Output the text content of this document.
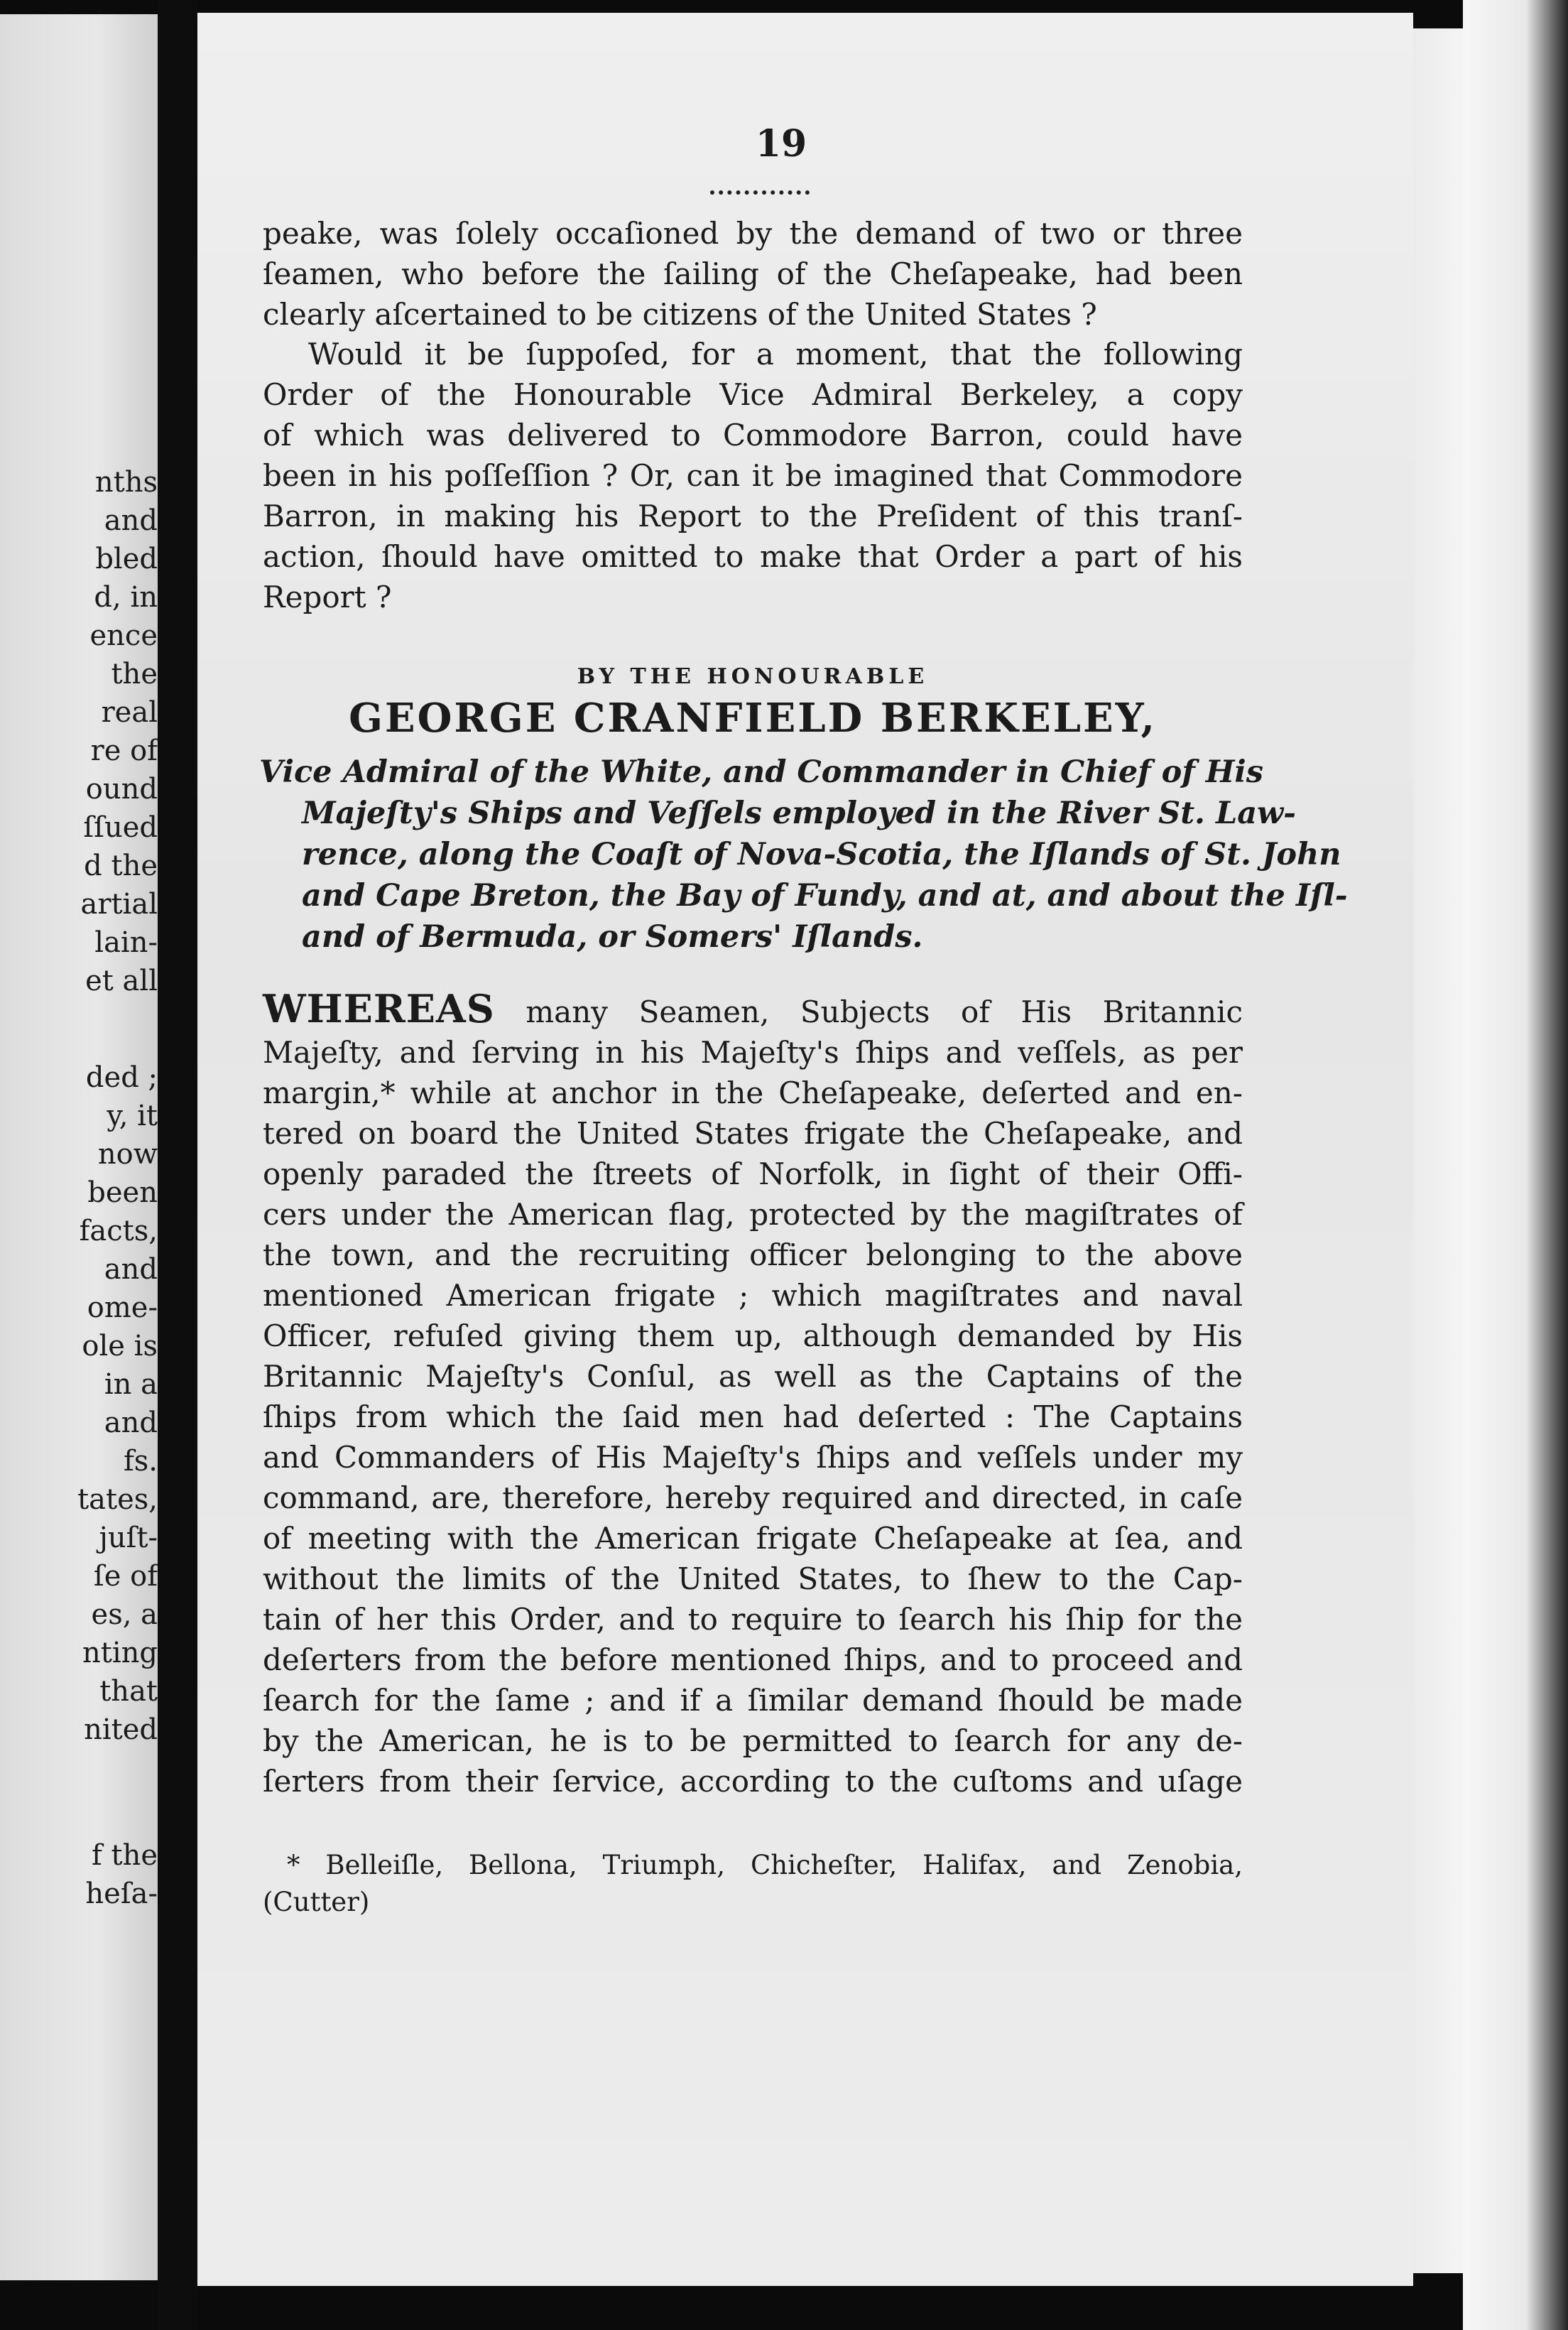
nths
and
bled
d, in
ence
the
real
re of
ound
ſſued
d the
artial
lain-
et all
ded ;
y, it
now
been
facts,
and
ome-
ole is
in a
and
fs.
tates,
juſt-
ſe of
es, a
nting
that
nited
f the
heſa-
19
peake, was ſolely occaſioned by the demand of two or three
ſeamen, who before the ſailing of the Cheſapeake, had been
clearly aſcertained to be citizens of the United States ?
Would it be ſuppoſed, for a moment, that the following
Order of the Honourable Vice Admiral Berkeley, a copy
of which was delivered to Commodore Barron, could have
been in his poſſeſſion ? Or, can it be imagined that Commodore
Barron, in making his Report to the Preſident of this tranſ-
action, ſhould have omitted to make that Order a part of his
Report ?
BY THE HONOURABLE
GEORGE CRANFIELD BERKELEY,
Vice Admiral of the White, and Commander in Chief of His
Majeſty's Ships and Veſſels employed in the River St. Law-
rence, along the Coaſt of Nova-Scotia, the Iſlands of St. John
and Cape Breton, the Bay of Fundy, and at, and about the Iſl-
and of Bermuda, or Somers' Iſlands.
WHEREAS many Seamen, Subjects of His Britannic
Majeſty, and ſerving in his Majeſty's ſhips and veſſels, as per
margin,* while at anchor in the Cheſapeake, deſerted and en-
tered on board the United States frigate the Cheſapeake, and
openly paraded the ſtreets of Norfolk, in ſight of their Offi-
cers under the American flag, protected by the magiſtrates of
the town, and the recruiting officer belonging to the above
mentioned American frigate ; which magiſtrates and naval
Officer, refuſed giving them up, although demanded by His
Britannic Majeſty's Conſul, as well as the Captains of the
ſhips from which the ſaid men had deſerted : The Captains
and Commanders of His Majeſty's ſhips and veſſels under my
command, are, therefore, hereby required and directed, in caſe
of meeting with the American frigate Cheſapeake at ſea, and
without the limits of the United States, to ſhew to the Cap-
tain of her this Order, and to require to ſearch his ſhip for the
deſerters from the before mentioned ſhips, and to proceed and
ſearch for the ſame ; and if a ſimilar demand ſhould be made
by the American, he is to be permitted to ſearch for any de-
ſerters from their ſervice, according to the cuſtoms and uſage
* Belleiſle, Bellona, Triumph, Chicheſter, Halifax, and Zenobia,
(Cutter)
